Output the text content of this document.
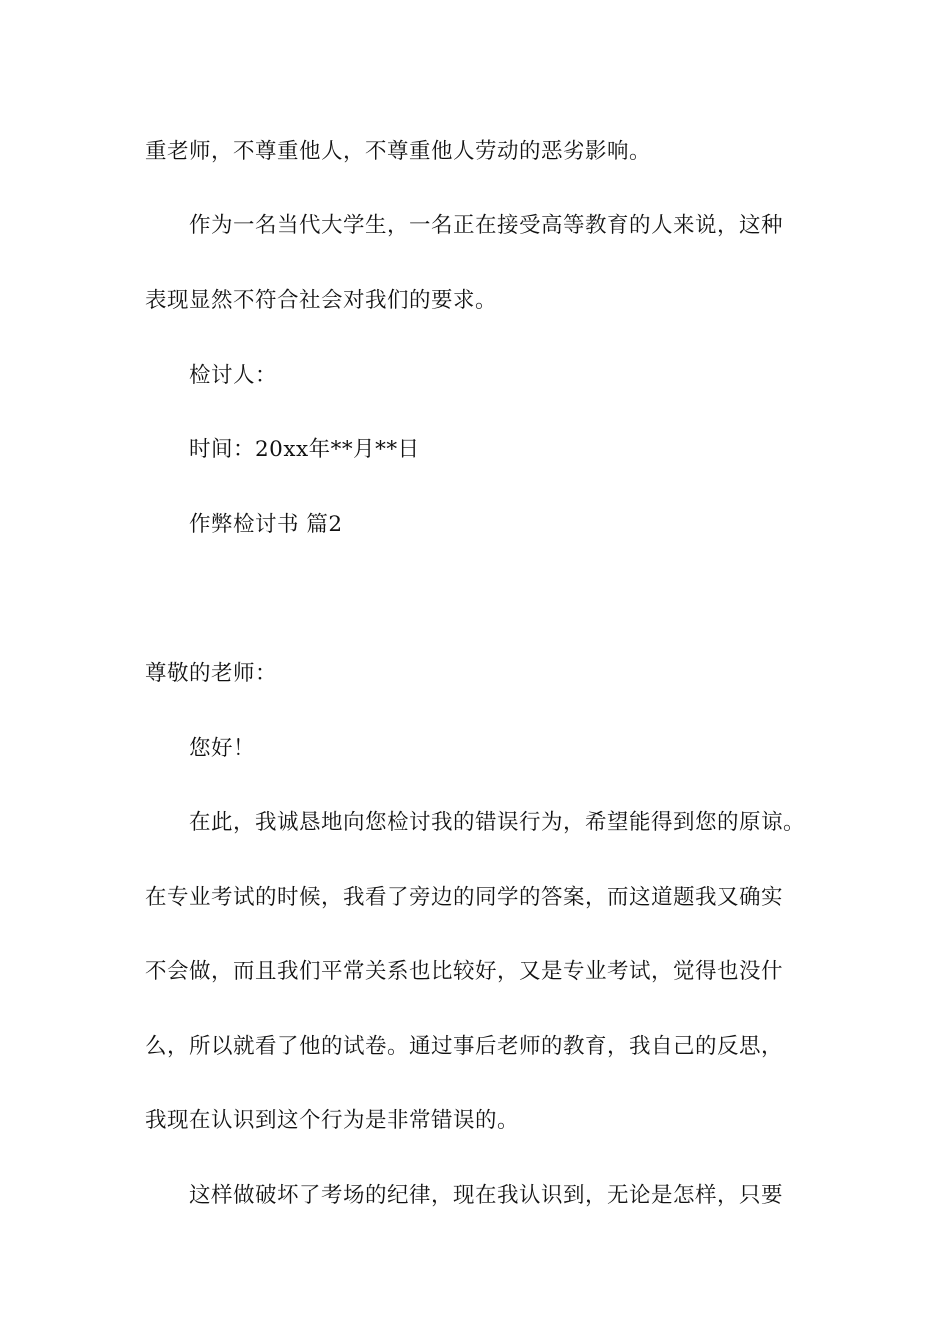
重老师，不尊重他人，不尊重他人劳动的恶劣影响。
作为一名当代大学生，一名正在接受高等教育的人来说，这种
表现显然不符合社会对我们的要求。
检讨人：
时间：20xx年**月**日
作弊检讨书 篇2
尊敬的老师：
您好！
在此，我诚恳地向您检讨我的错误行为，希望能得到您的原谅。
在专业考试的时候，我看了旁边的同学的答案，而这道题我又确实
不会做，而且我们平常关系也比较好，又是专业考试，觉得也没什
么，所以就看了他的试卷。通过事后老师的教育，我自己的反思，
我现在认识到这个行为是非常错误的。
这样做破坏了考场的纪律，现在我认识到，无论是怎样，只要
